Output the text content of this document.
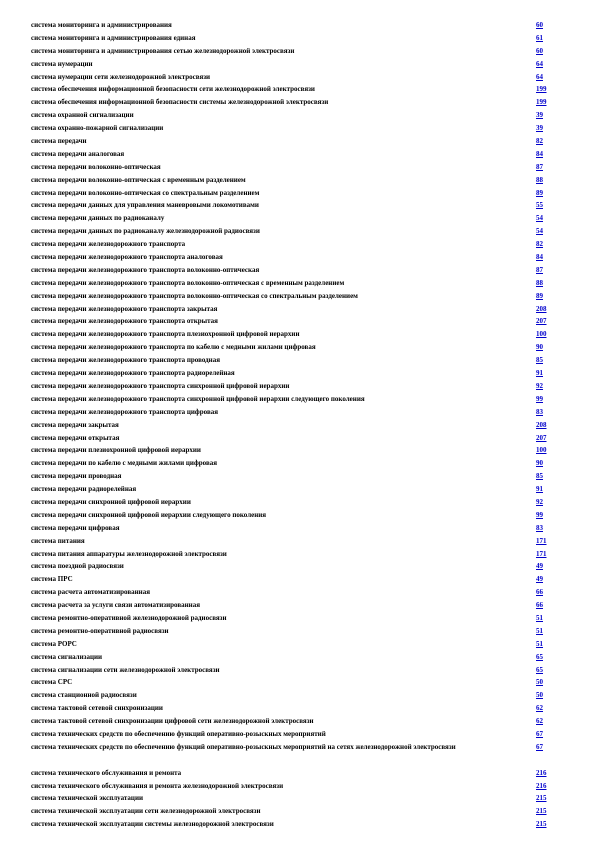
система мониторинга и администрирования	60
система мониторинга и администрирования единая	61
система мониторинга и администрирования сетью железнодорожной электросвязи	60
система нумерации	64
система нумерации сети железнодорожной электросвязи	64
система обеспечения информационной безопасности сети железнодорожной электросвязи	199
система обеспечения информационной безопасности системы железнодорожной электросвязи	199
система охранной сигнализации	39
система охранно-пожарной сигнализации	39
система передачи	82
система передачи аналоговая	84
система передачи волоконно-оптическая	87
система передачи волоконно-оптическая с временным разделением	88
система передачи волоконно-оптическая со спектральным разделением	89
система передачи данных для управления маневровыми локомотивами	55
система передачи данных по радиоканалу	54
система передачи данных по радиоканалу железнодорожной радиосвязи	54
система передачи железнодорожного транспорта	82
система передачи железнодорожного транспорта аналоговая	84
система передачи железнодорожного транспорта волоконно-оптическая	87
система передачи железнодорожного транспорта волоконно-оптическая с временным разделением	88
система передачи железнодорожного транспорта волоконно-оптическая со спектральным разделением	89
система передачи железнодорожного транспорта закрытая	208
система передачи железнодорожного транспорта открытая	207
система передачи железнодорожного транспорта плезиохронной цифровой иерархии	100
система передачи железнодорожного транспорта по кабелю с медными жилами цифровая	90
система передачи железнодорожного транспорта проводная	85
система передачи железнодорожного транспорта радиорелейная	91
система передачи железнодорожного транспорта синхронной цифровой иерархии	92
система передачи железнодорожного транспорта синхронной цифровой иерархии следующего поколения	99
система передачи железнодорожного транспорта цифровая	83
система передачи закрытая	208
система передачи открытая	207
система передачи плезиохронной цифровой иерархии	100
система передачи по кабелю с медными жилами цифровая	90
система передачи проводная	85
система передачи радиорелейная	91
система передачи синхронной цифровой иерархии	92
система передачи синхронной цифровой иерархии следующего поколения	99
система передачи цифровая	83
система питания	171
система питания аппаратуры железнодорожной электросвязи	171
система поездной радиосвязи	49
система ПРС	49
система расчета автоматизированная	66
система расчета за услуги связи автоматизированная	66
система ремонтно-оперативной железнодорожной радиосвязи	51
система ремонтно-оперативной радиосвязи	51
система РОРС	51
система сигнализации	65
система сигнализации сети железнодорожной электросвязи	65
система СРС	50
система станционной радиосвязи	50
система тактовой сетевой синхронизации	62
система тактовой сетевой синхронизации цифровой сети железнодорожной электросвязи	62
система технических средств по обеспечению функций оперативно-розыскных мероприятий	67
система технических средств по обеспечению функций оперативно-розыскных мероприятий на сетях железнодорожной электросвязи	67
система технического обслуживания и ремонта	216
система технического обслуживания и ремонта железнодорожной электросвязи	216
система технической эксплуатации	215
система технической эксплуатации сети железнодорожной электросвязи	215
система технической эксплуатации системы железнодорожной электросвязи	215
